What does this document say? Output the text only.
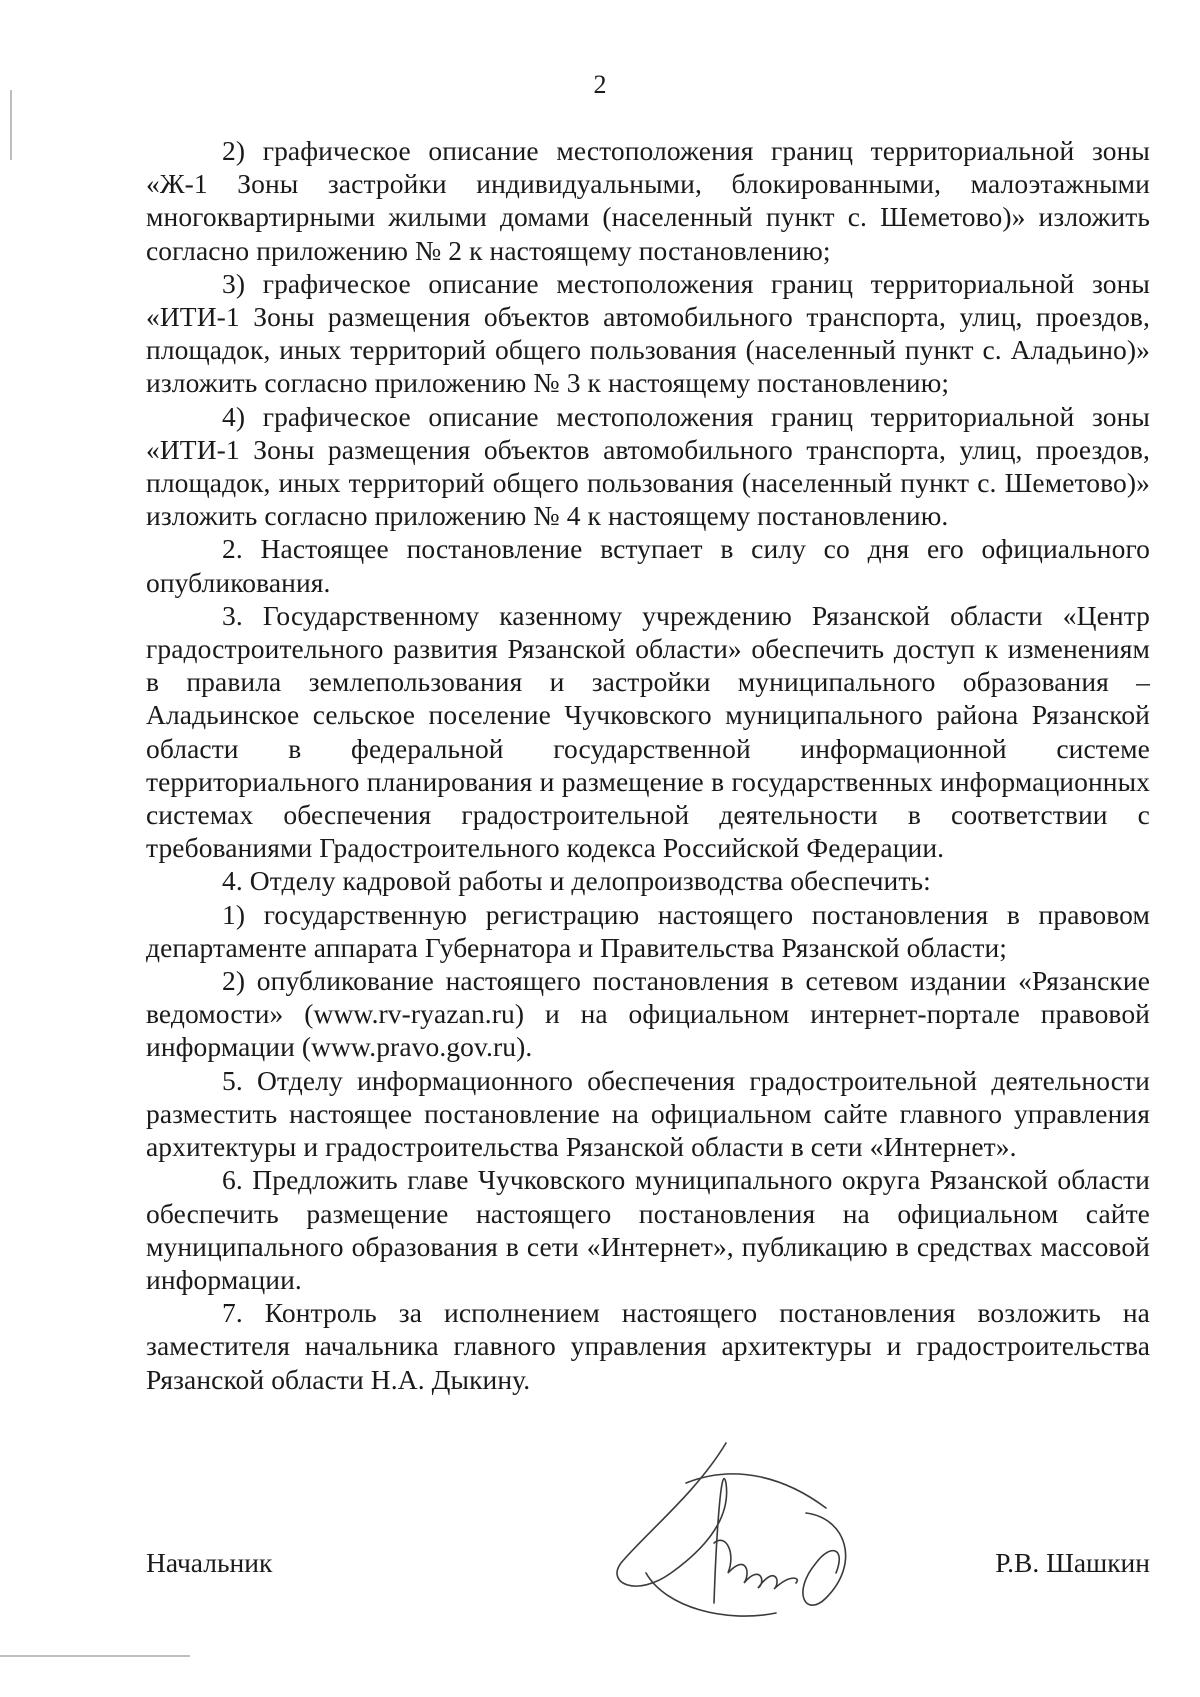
2

2) графическое описание местоположения границ территориальной зоны «Ж-1 Зоны застройки индивидуальными, блокированными, малоэтажными многоквартирными жилыми домами (населенный пункт с. Шеметово)» изложить согласно приложению № 2 к настоящему постановлению;

3) графическое описание местоположения границ территориальной зоны «ИТИ-1 Зоны размещения объектов автомобильного транспорта, улиц, проездов, площадок, иных территорий общего пользования (населенный пункт с. Аладьино)» изложить согласно приложению № 3 к настоящему постановлению;

4) графическое описание местоположения границ территориальной зоны «ИТИ-1 Зоны размещения объектов автомобильного транспорта, улиц, проездов, площадок, иных территорий общего пользования (населенный пункт с. Шеметово)» изложить согласно приложению № 4 к настоящему постановлению.

2. Настоящее постановление вступает в силу со дня его официального опубликования.

3. Государственному казенному учреждению Рязанской области «Центр градостроительного развития Рязанской области» обеспечить доступ к изменениям в правила землепользования и застройки муниципального образования – Аладьинское сельское поселение Чучковского муниципального района Рязанской области в федеральной государственной информационной системе территориального планирования и размещение в государственных информационных системах обеспечения градостроительной деятельности в соответствии с требованиями Градостроительного кодекса Российской Федерации.

4. Отделу кадровой работы и делопроизводства обеспечить:

1) государственную регистрацию настоящего постановления в правовом департаменте аппарата Губернатора и Правительства Рязанской области;

2) опубликование настоящего постановления в сетевом издании «Рязанские ведомости» (www.rv-ryazan.ru) и на официальном интернет-портале правовой информации (www.pravo.gov.ru).

5. Отделу информационного обеспечения градостроительной деятельности разместить настоящее постановление на официальном сайте главного управления архитектуры и градостроительства Рязанской области в сети «Интернет».

6. Предложить главе Чучковского муниципального округа Рязанской области обеспечить размещение настоящего постановления на официальном сайте муниципального образования в сети «Интернет», публикацию в средствах массовой информации.

7. Контроль за исполнением настоящего постановления возложить на заместителя начальника главного управления архитектуры и градостроительства Рязанской области Н.А. Дыкину.

Начальник	Р.В. Шашкин
